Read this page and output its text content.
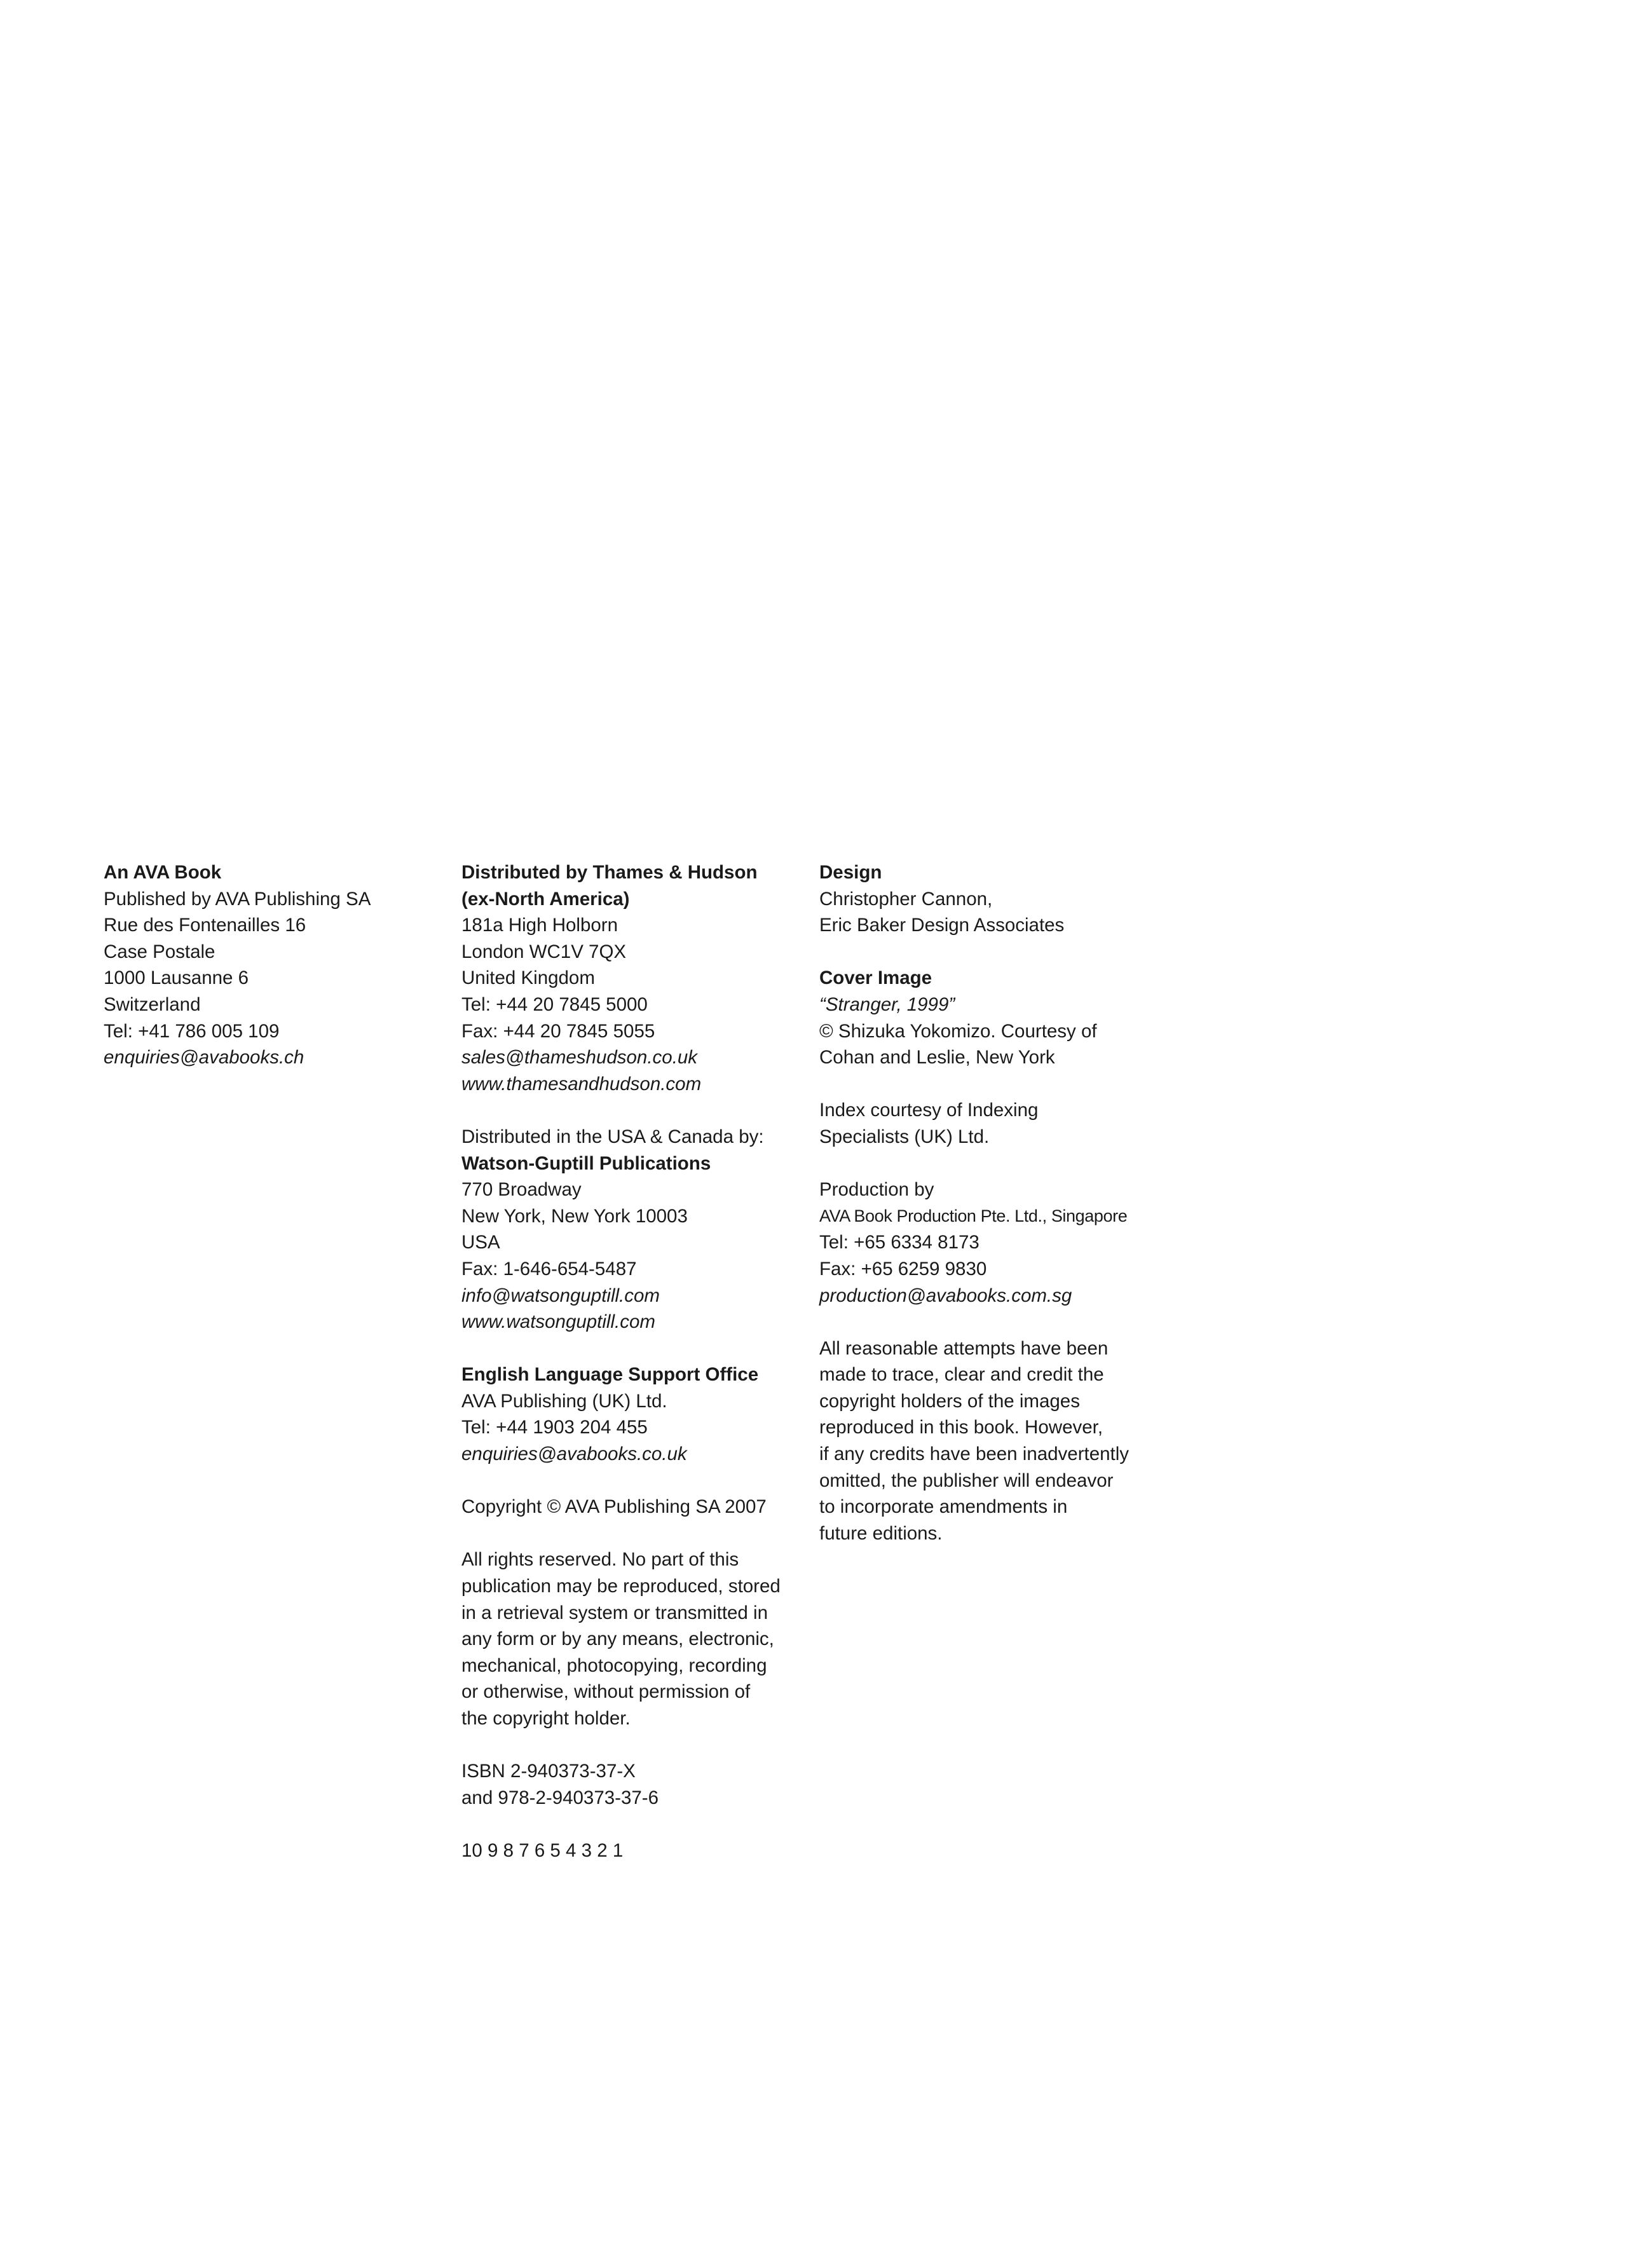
An AVA Book
Published by AVA Publishing SA
Rue des Fontenailles 16
Case Postale
1000 Lausanne 6
Switzerland
Tel: +41 786 005 109
enquiries@avabooks.ch
Distributed by Thames & Hudson
(ex-North America)
181a High Holborn
London WC1V 7QX
United Kingdom
Tel: +44 20 7845 5000
Fax: +44 20 7845 5055
sales@thameshudson.co.uk
www.thamesandhudson.com
Distributed in the USA & Canada by:
Watson-Guptill Publications
770 Broadway
New York, New York 10003
USA
Fax: 1-646-654-5487
info@watsonguptill.com
www.watsonguptill.com
English Language Support Office
AVA Publishing (UK) Ltd.
Tel: +44 1903 204 455
enquiries@avabooks.co.uk
Copyright © AVA Publishing SA 2007
All rights reserved. No part of this
publication may be reproduced, stored
in a retrieval system or transmitted in
any form or by any means, electronic,
mechanical, photocopying, recording
or otherwise, without permission of
the copyright holder.
ISBN 2-940373-37-X
and 978-2-940373-37-6
10 9 8 7 6 5 4 3 2 1
Design
Christopher Cannon,
Eric Baker Design Associates
Cover Image
“Stranger, 1999”
© Shizuka Yokomizo. Courtesy of
Cohan and Leslie, New York
Index courtesy of Indexing
Specialists (UK) Ltd.
Production by
AVA Book Production Pte. Ltd., Singapore
Tel: +65 6334 8173
Fax: +65 6259 9830
production@avabooks.com.sg
All reasonable attempts have been
made to trace, clear and credit the
copyright holders of the images
reproduced in this book. However,
if any credits have been inadvertently
omitted, the publisher will endeavor
to incorporate amendments in
future editions.
